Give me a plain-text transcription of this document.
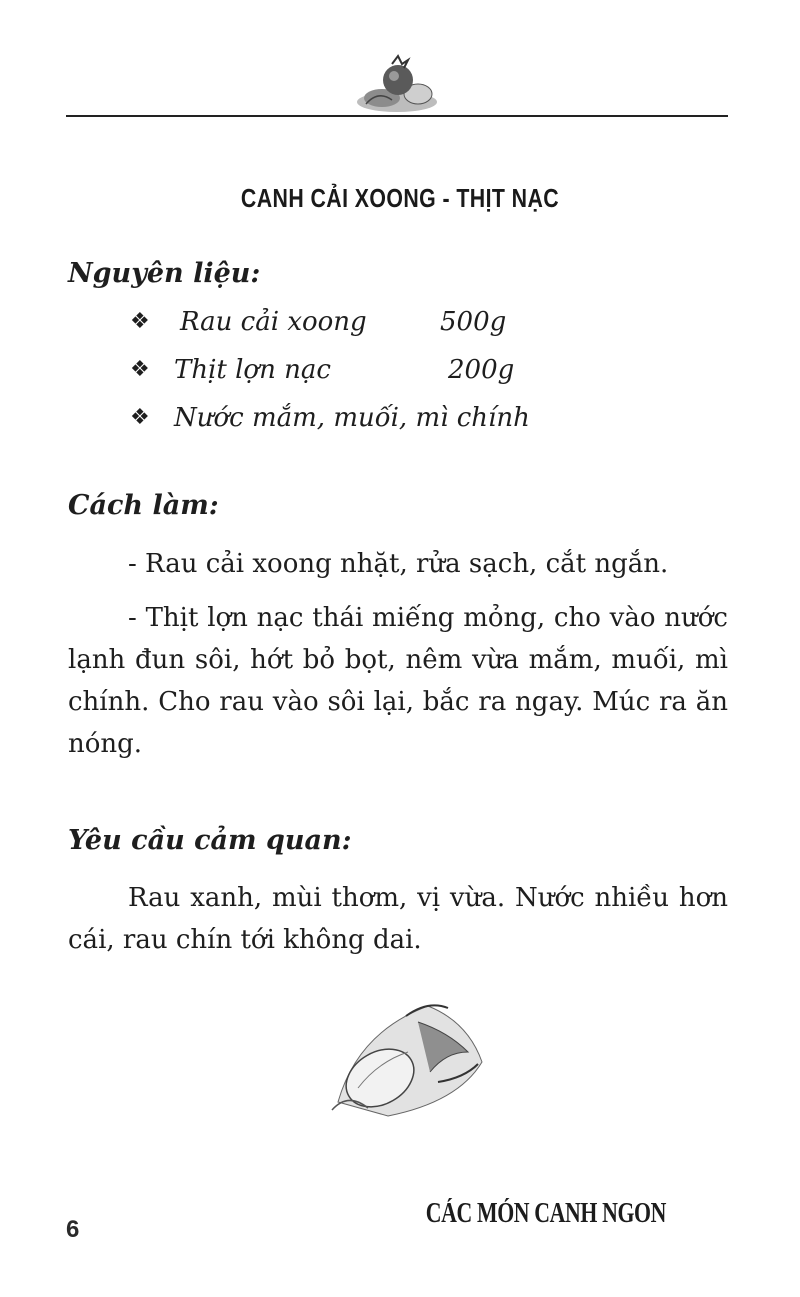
CANH CẢI XOONG - THỊT NẠC
Nguyên liệu:
❖ Rau cải xoong	500g
❖ Thịt lợn nạc	200g
❖ Nước mắm, muối, mì chính
Cách làm:

- Rau cải xoong nhặt, rửa sạch, cắt ngắn.

- Thịt lợn nạc thái miếng mỏng, cho vào nước lạnh đun sôi, hớt bỏ bọt, nêm vừa mắm, muối, mì chính. Cho rau vào sôi lại, bắc ra ngay. Múc ra ăn nóng.

Yêu cầu cảm quan:

Rau xanh, mùi thơm, vị vừa. Nước nhiều hơn cái, rau chín tới không dai.

6
CÁC MÓN CANH NGON
